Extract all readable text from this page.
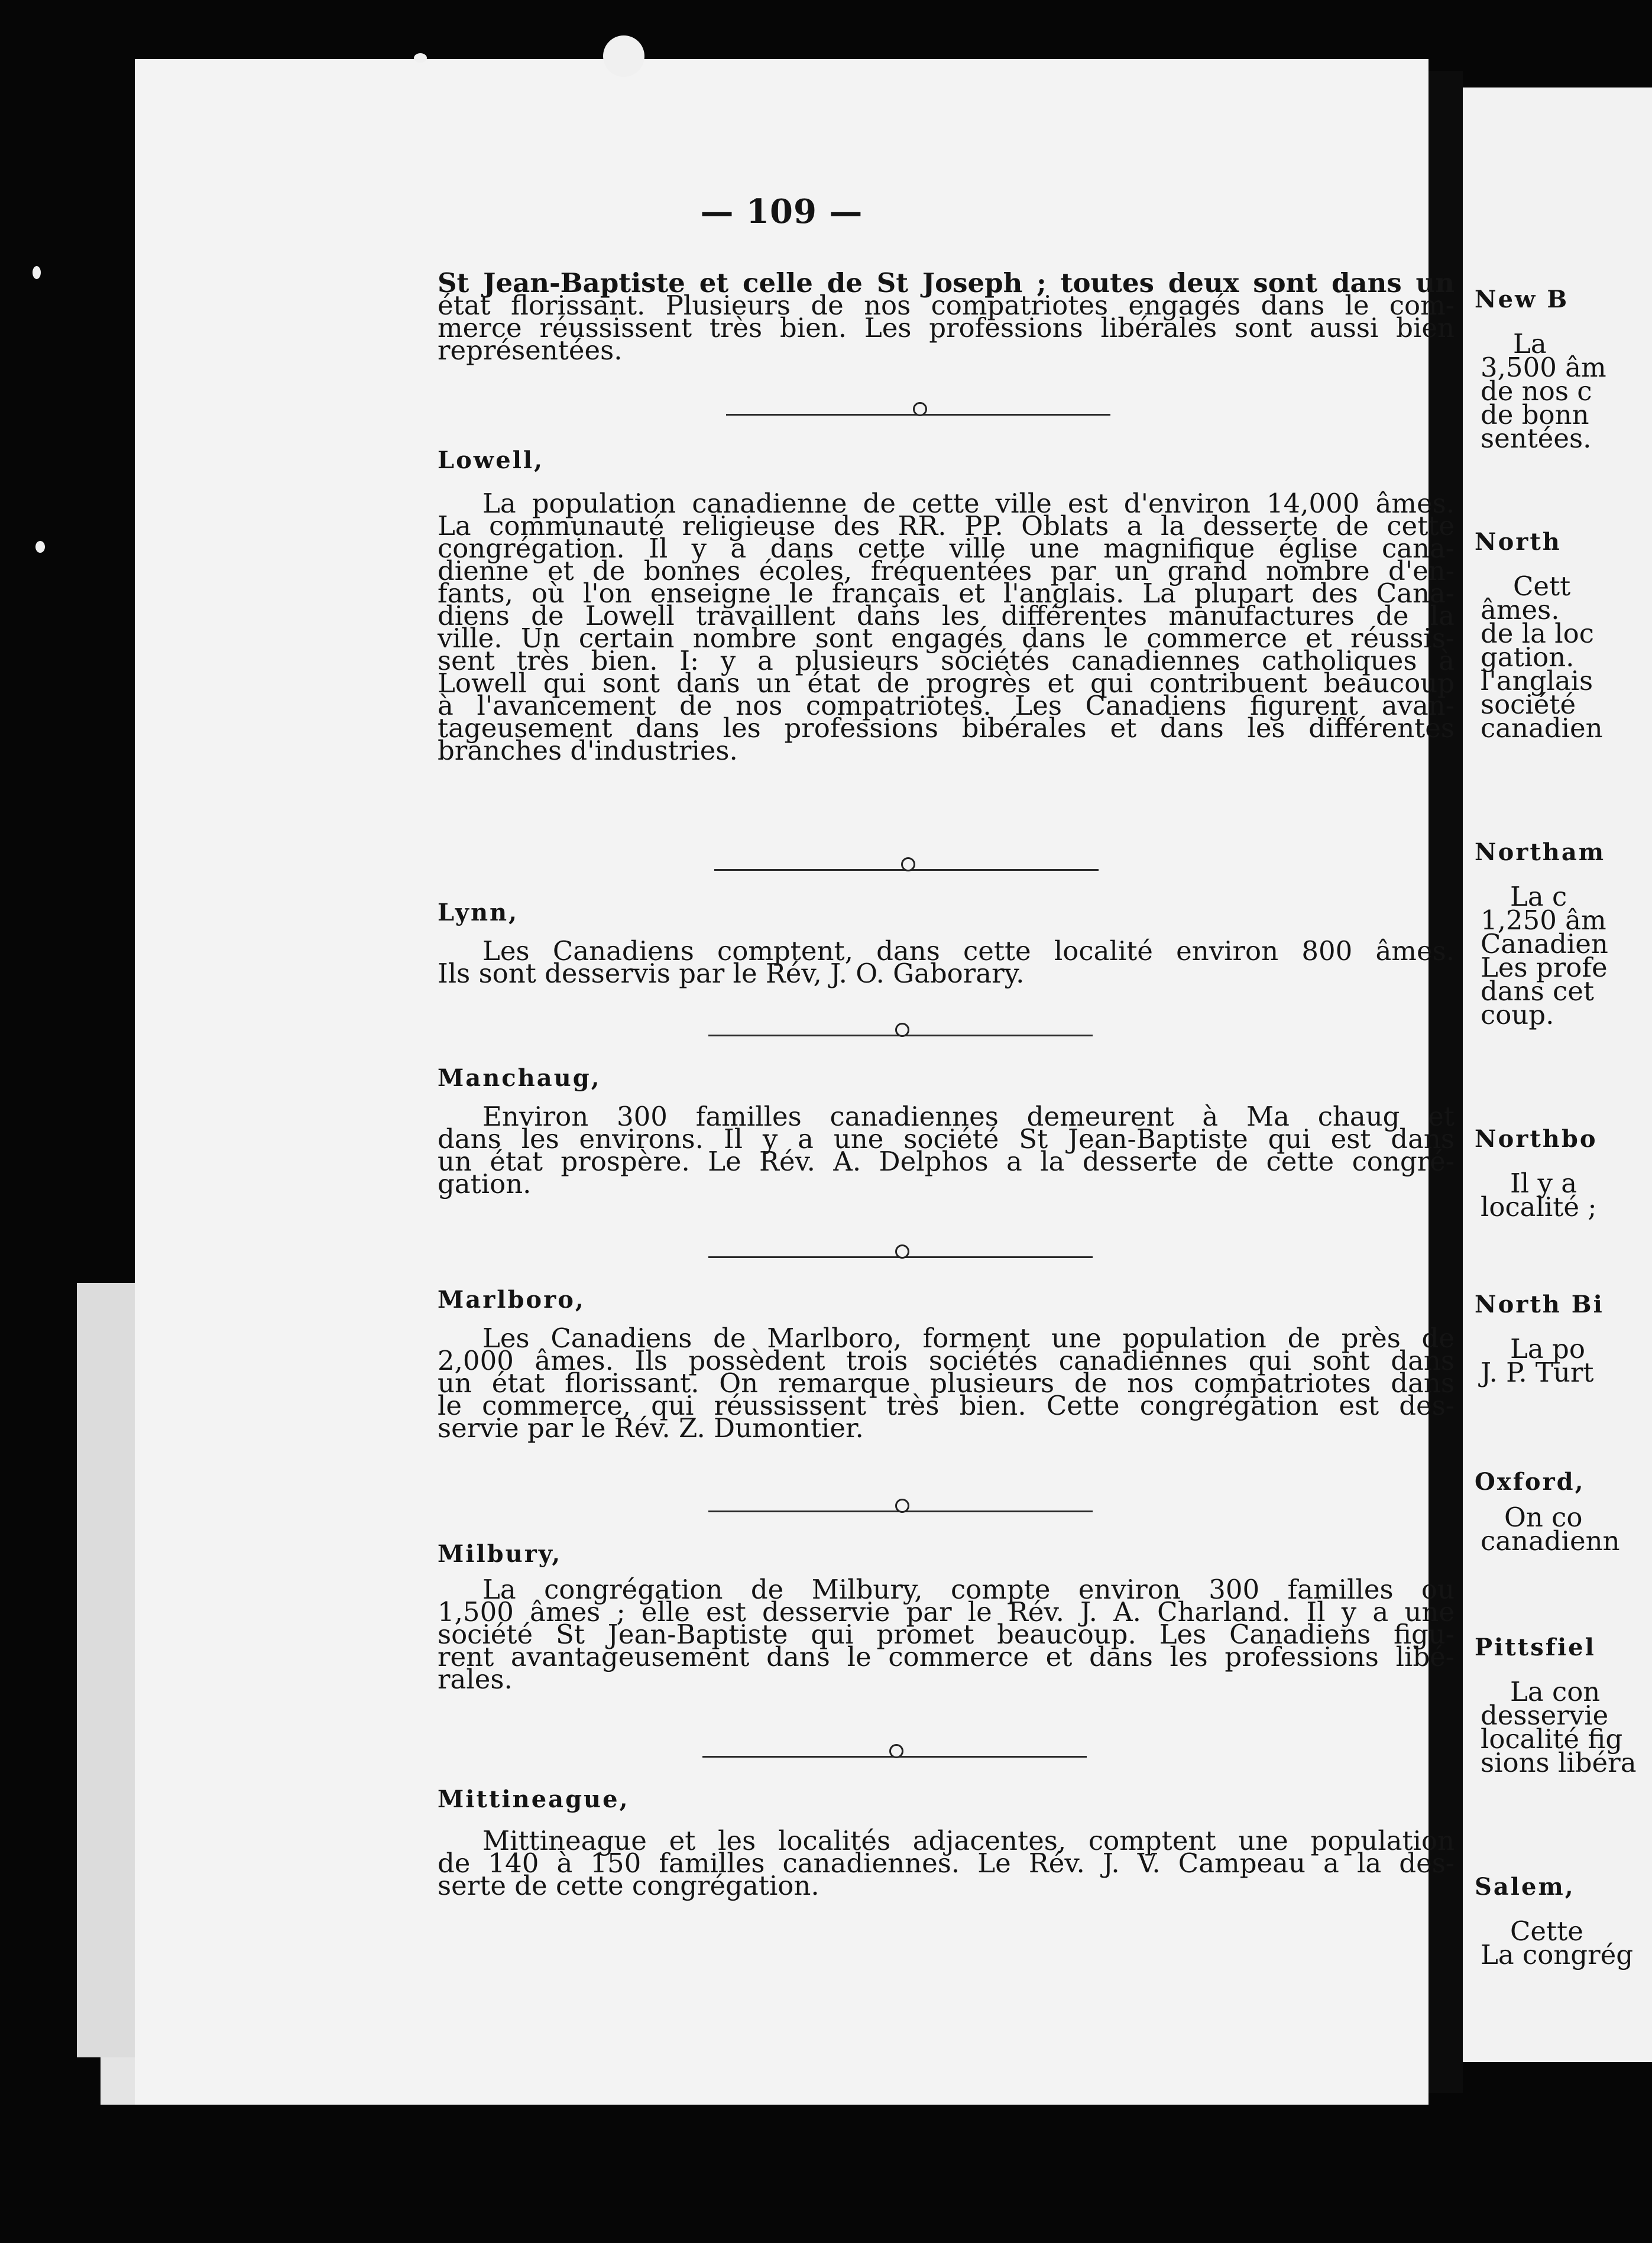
— 109 —
St Jean-Baptiste et celle de St Joseph ; toutes deux sont dans un
état florissant. Plusieurs de nos compatriotes engagés dans le com-
merce réussissent très bien. Les professions libérales sont aussi bien
représentées.
Lowell,
La population canadienne de cette ville est d'environ 14,000 âmes.
La communauté religieuse des RR. PP. Oblats a la desserte de cette
congrégation. Il y a dans cette ville une magnifique église cana-
dienne et de bonnes écoles, fréquentées par un grand nombre d'en-
fants, où l'on enseigne le français et l'anglais. La plupart des Cana-
diens de Lowell travaillent dans les différentes manufactures de la
ville. Un certain nombre sont engagés dans le commerce et réussis-
sent très bien. I: y a plusieurs sociétés canadiennes catholiques à
Lowell qui sont dans un état de progrès et qui contribuent beaucoup
à l'avancement de nos compatriotes. Les Canadiens figurent avan-
tageusement dans les professions bibérales et dans les différentes
branches d'industries.
Lynn,
Les Canadiens comptent, dans cette localité environ 800 âmes.
Ils sont desservis par le Rév, J. O. Gaborary.
Manchaug,
Environ 300 familles canadiennes demeurent à Ma chaug et
dans les environs. Il y a une société St Jean-Baptiste qui est dans
un état prospère. Le Rév. A. Delphos a la desserte de cette congré-
gation.
Marlboro,
Les Canadiens de Marlboro, forment une population de près de
2,000 âmes. Ils possèdent trois sociétés canadiennes qui sont dans
un état florissant. On remarque plusieurs de nos compatriotes dans
le commerce, qui réussissent très bien. Cette congrégation est des-
servie par le Rév. Z. Dumontier.
Milbury,
La congrégation de Milbury, compte environ 300 familles ou
1,500 âmes ; elle est desservie par le Rév. J. A. Charland. Il y a une
société St Jean-Baptiste qui promet beaucoup. Les Canadiens figu-
rent avantageusement dans le commerce et dans les professions libé-
rales.
Mittineague,
Mittineague et les localités adjacentes, comptent une population
de 140 à 150 familles canadiennes. Le Rév. J. V. Campeau a la des-
serte de cette congrégation.
New B
La
3,500 âm
de nos c
de bonn
sentées.
North
Cett
âmes.
de la loc
gation.
l'anglais
société
canadien
Northam
La c
1,250 âm
Canadien
Les profe
dans cet
coup.
Northbo
Il y a
localité ;
North Bi
La po
J. P. Turt
Oxford,
On co
canadienn
Pittsfiel
La con
desservie
localité fig
sions libéra
Salem,
Cette
La congrég
